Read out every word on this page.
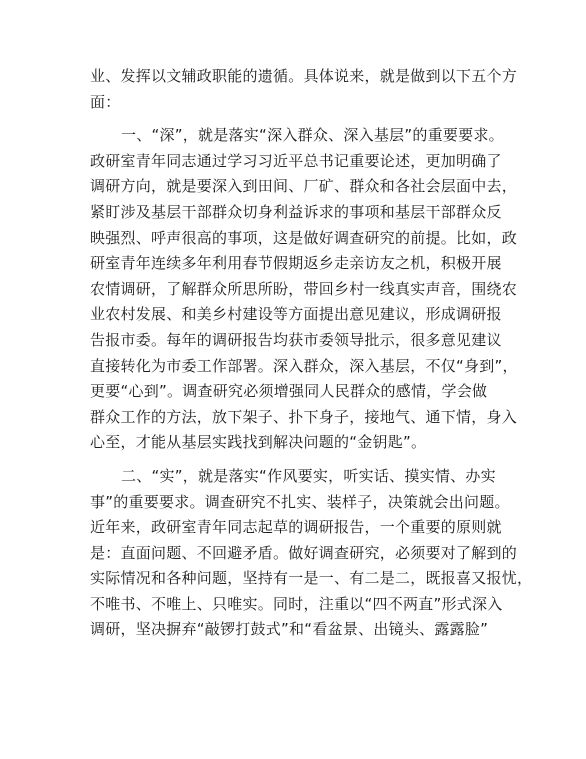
业、发挥以文辅政职能的遗循。具体说来，就是做到以下五个方
面：
一、“深”，就是落实“深入群众、深入基层”的重要要求。
政研室青年同志通过学习习近平总书记重要论述，更加明确了
调研方向，就是要深入到田间、厂矿、群众和各社会层面中去，
紧盯涉及基层干部群众切身利益诉求的事项和基层干部群众反
映强烈、呼声很高的事项，这是做好调查研究的前提。比如，政
研室青年连续多年利用春节假期返乡走亲访友之机，积极开展
农情调研，了解群众所思所盼，带回乡村一线真实声音，围绕农
业农村发展、和美乡村建设等方面提出意见建议，形成调研报
告报市委。每年的调研报告均获市委领导批示，很多意见建议
直接转化为市委工作部署。深入群众，深入基层，不仅“身到”，
更要“心到”。调查研究必须增强同人民群众的感情，学会做
群众工作的方法，放下架子、扑下身子，接地气、通下情，身入
心至，才能从基层实践找到解决问题的“金钥匙”。
二、“实”，就是落实“作风要实，听实话、摸实情、办实
事”的重要要求。调查研究不扎实、装样子，决策就会出问题。
近年来，政研室青年同志起草的调研报告，一个重要的原则就
是：直面问题、不回避矛盾。做好调查研究，必须要对了解到的
实际情况和各种问题，坚持有一是一、有二是二，既报喜又报忧，
不唯书、不唯上、只唯实。同时，注重以“四不两直”形式深入
调研，坚决摒弃“敲锣打鼓式”和“看盆景、出镜头、露露脸”
